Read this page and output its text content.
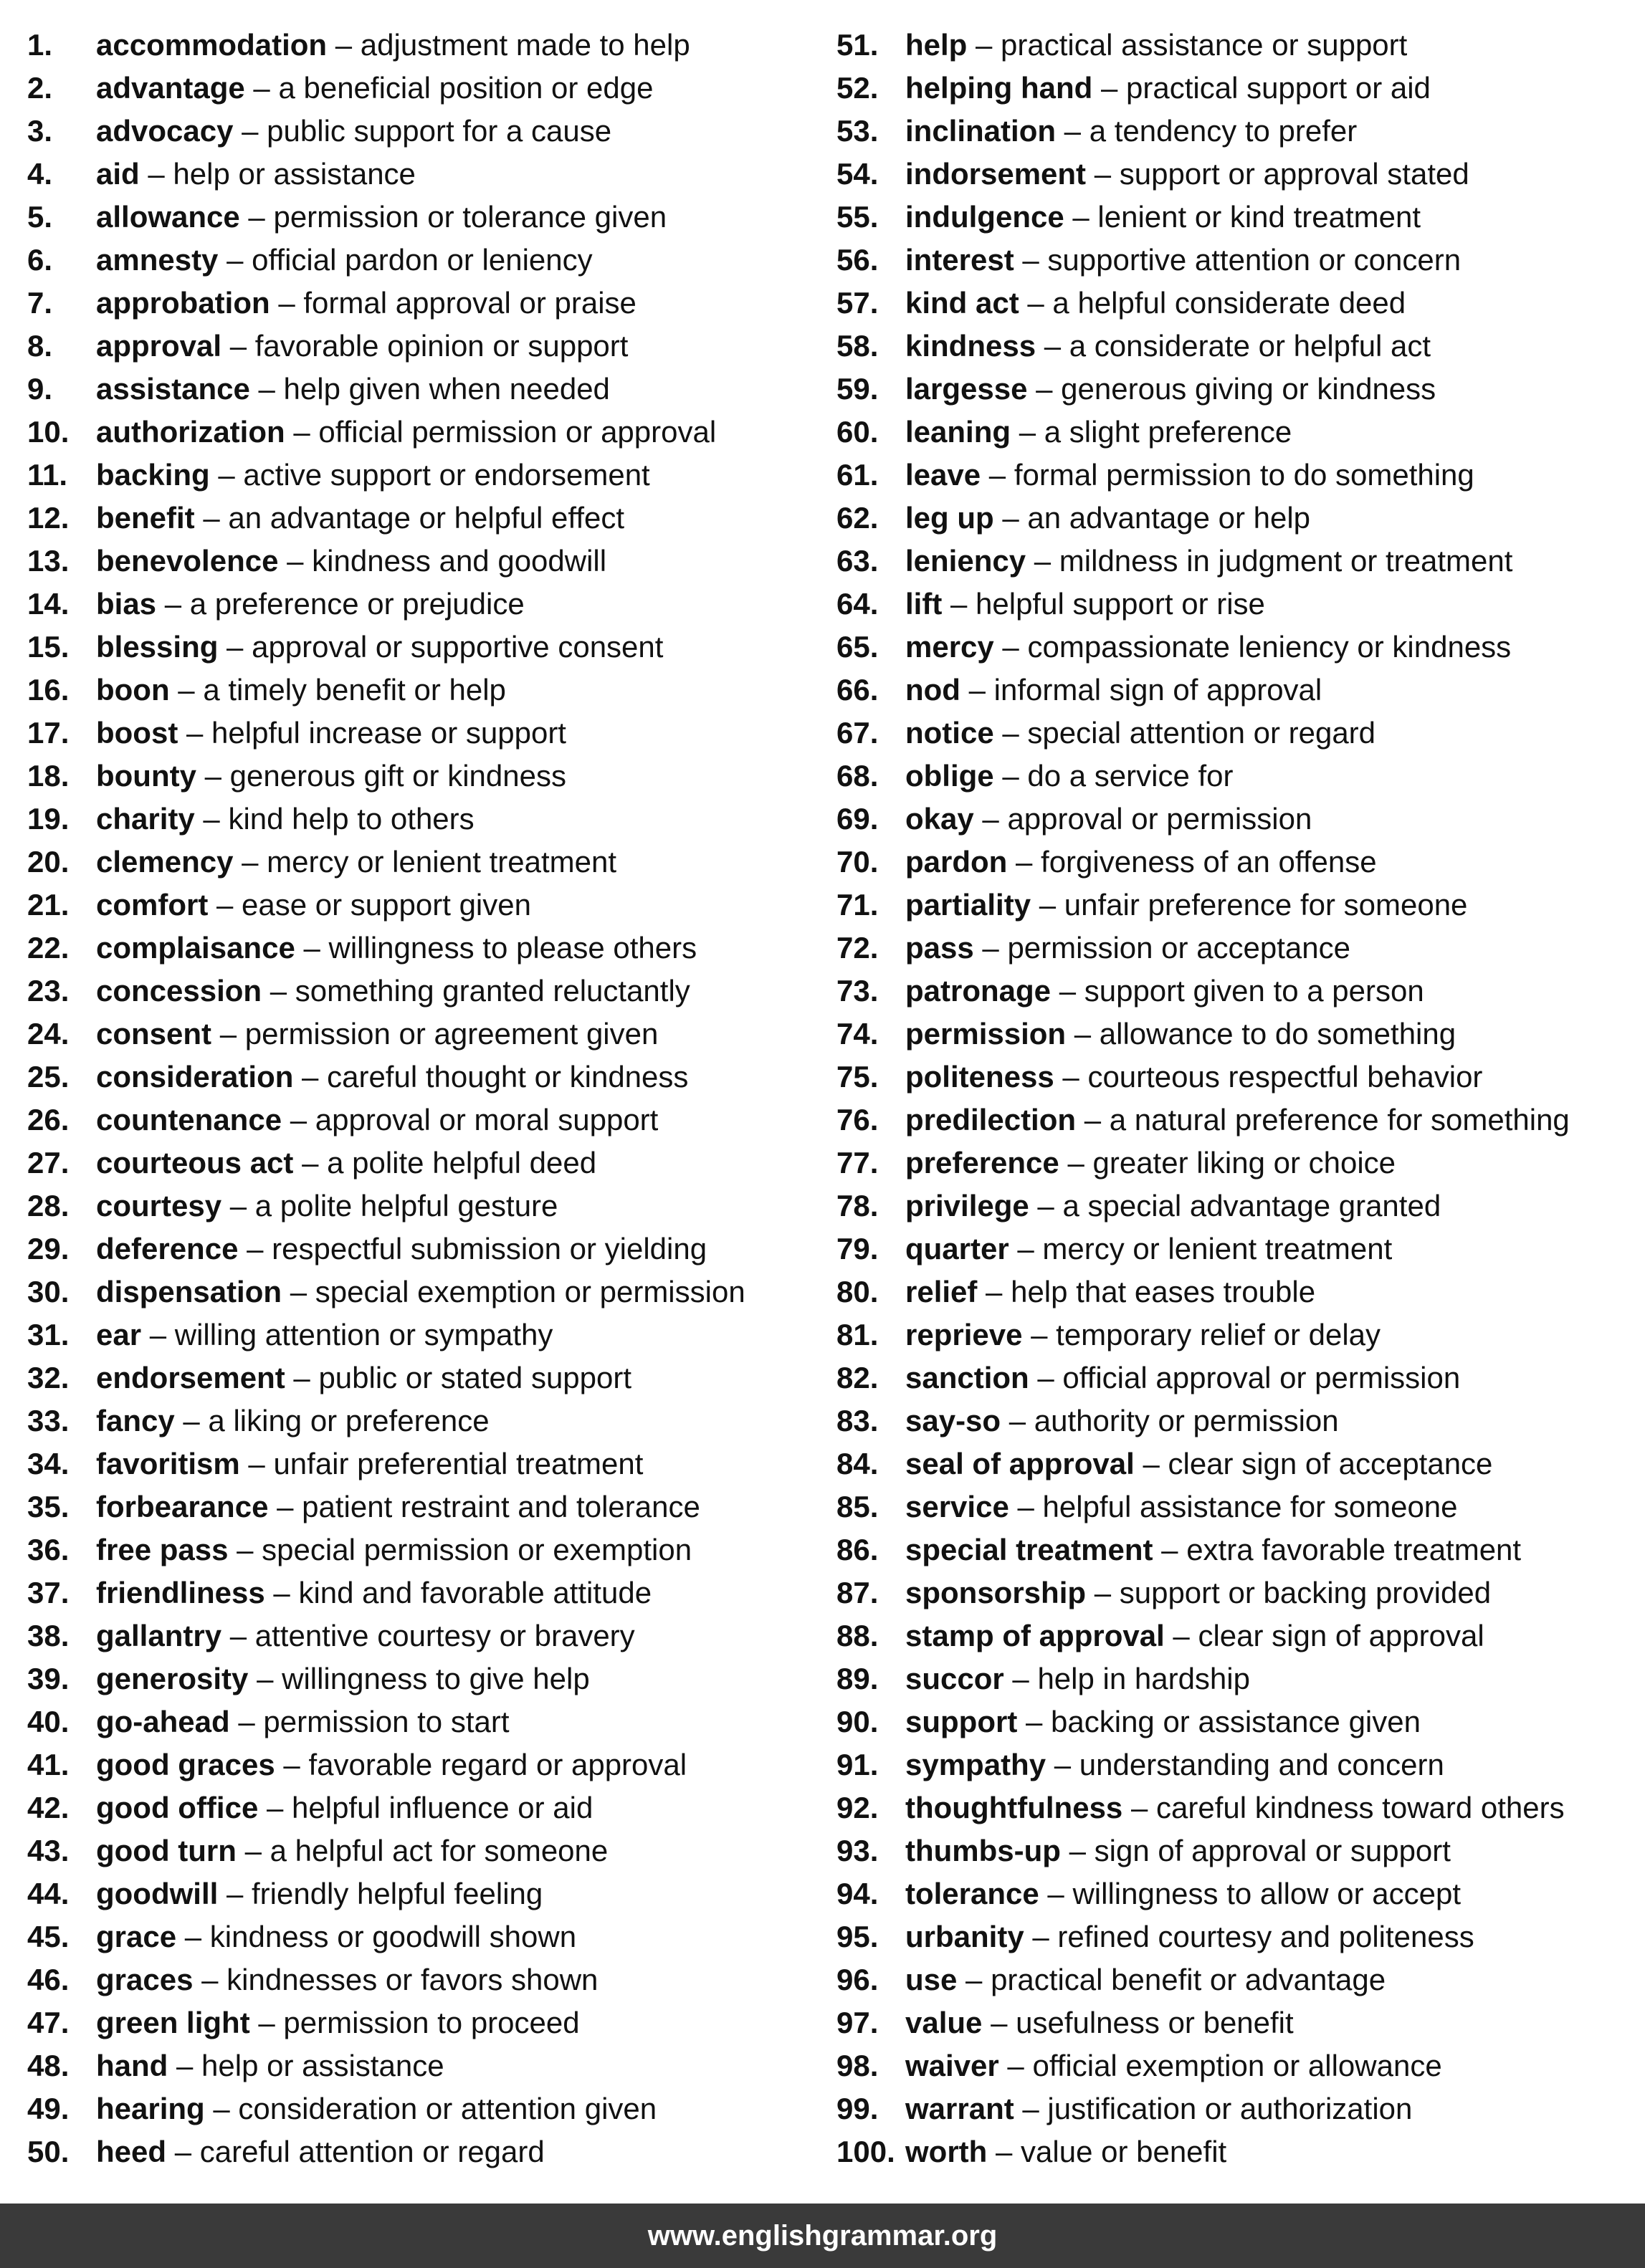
1. accommodation – adjustment made to help
2. advantage – a beneficial position or edge
3. advocacy – public support for a cause
4. aid – help or assistance
5. allowance – permission or tolerance given
6. amnesty – official pardon or leniency
7. approbation – formal approval or praise
8. approval – favorable opinion or support
9. assistance – help given when needed
10. authorization – official permission or approval
11. backing – active support or endorsement
12. benefit – an advantage or helpful effect
13. benevolence – kindness and goodwill
14. bias – a preference or prejudice
15. blessing – approval or supportive consent
16. boon – a timely benefit or help
17. boost – helpful increase or support
18. bounty – generous gift or kindness
19. charity – kind help to others
20. clemency – mercy or lenient treatment
21. comfort – ease or support given
22. complaisance – willingness to please others
23. concession – something granted reluctantly
24. consent – permission or agreement given
25. consideration – careful thought or kindness
26. countenance – approval or moral support
27. courteous act – a polite helpful deed
28. courtesy – a polite helpful gesture
29. deference – respectful submission or yielding
30. dispensation – special exemption or permission
31. ear – willing attention or sympathy
32. endorsement – public or stated support
33. fancy – a liking or preference
34. favoritism – unfair preferential treatment
35. forbearance – patient restraint and tolerance
36. free pass – special permission or exemption
37. friendliness – kind and favorable attitude
38. gallantry – attentive courtesy or bravery
39. generosity – willingness to give help
40. go-ahead – permission to start
41. good graces – favorable regard or approval
42. good office – helpful influence or aid
43. good turn – a helpful act for someone
44. goodwill – friendly helpful feeling
45. grace – kindness or goodwill shown
46. graces – kindnesses or favors shown
47. green light – permission to proceed
48. hand – help or assistance
49. hearing – consideration or attention given
50. heed – careful attention or regard
51. help – practical assistance or support
52. helping hand – practical support or aid
53. inclination – a tendency to prefer
54. indorsement – support or approval stated
55. indulgence – lenient or kind treatment
56. interest – supportive attention or concern
57. kind act – a helpful considerate deed
58. kindness – a considerate or helpful act
59. largesse – generous giving or kindness
60. leaning – a slight preference
61. leave – formal permission to do something
62. leg up – an advantage or help
63. leniency – mildness in judgment or treatment
64. lift – helpful support or rise
65. mercy – compassionate leniency or kindness
66. nod – informal sign of approval
67. notice – special attention or regard
68. oblige – do a service for
69. okay – approval or permission
70. pardon – forgiveness of an offense
71. partiality – unfair preference for someone
72. pass – permission or acceptance
73. patronage – support given to a person
74. permission – allowance to do something
75. politeness – courteous respectful behavior
76. predilection – a natural preference for something
77. preference – greater liking or choice
78. privilege – a special advantage granted
79. quarter – mercy or lenient treatment
80. relief – help that eases trouble
81. reprieve – temporary relief or delay
82. sanction – official approval or permission
83. say-so – authority or permission
84. seal of approval – clear sign of acceptance
85. service – helpful assistance for someone
86. special treatment – extra favorable treatment
87. sponsorship – support or backing provided
88. stamp of approval – clear sign of approval
89. succor – help in hardship
90. support – backing or assistance given
91. sympathy – understanding and concern
92. thoughtfulness – careful kindness toward others
93. thumbs-up – sign of approval or support
94. tolerance – willingness to allow or accept
95. urbanity – refined courtesy and politeness
96. use – practical benefit or advantage
97. value – usefulness or benefit
98. waiver – official exemption or allowance
99. warrant – justification or authorization
100. worth – value or benefit
www.englishgrammar.org
